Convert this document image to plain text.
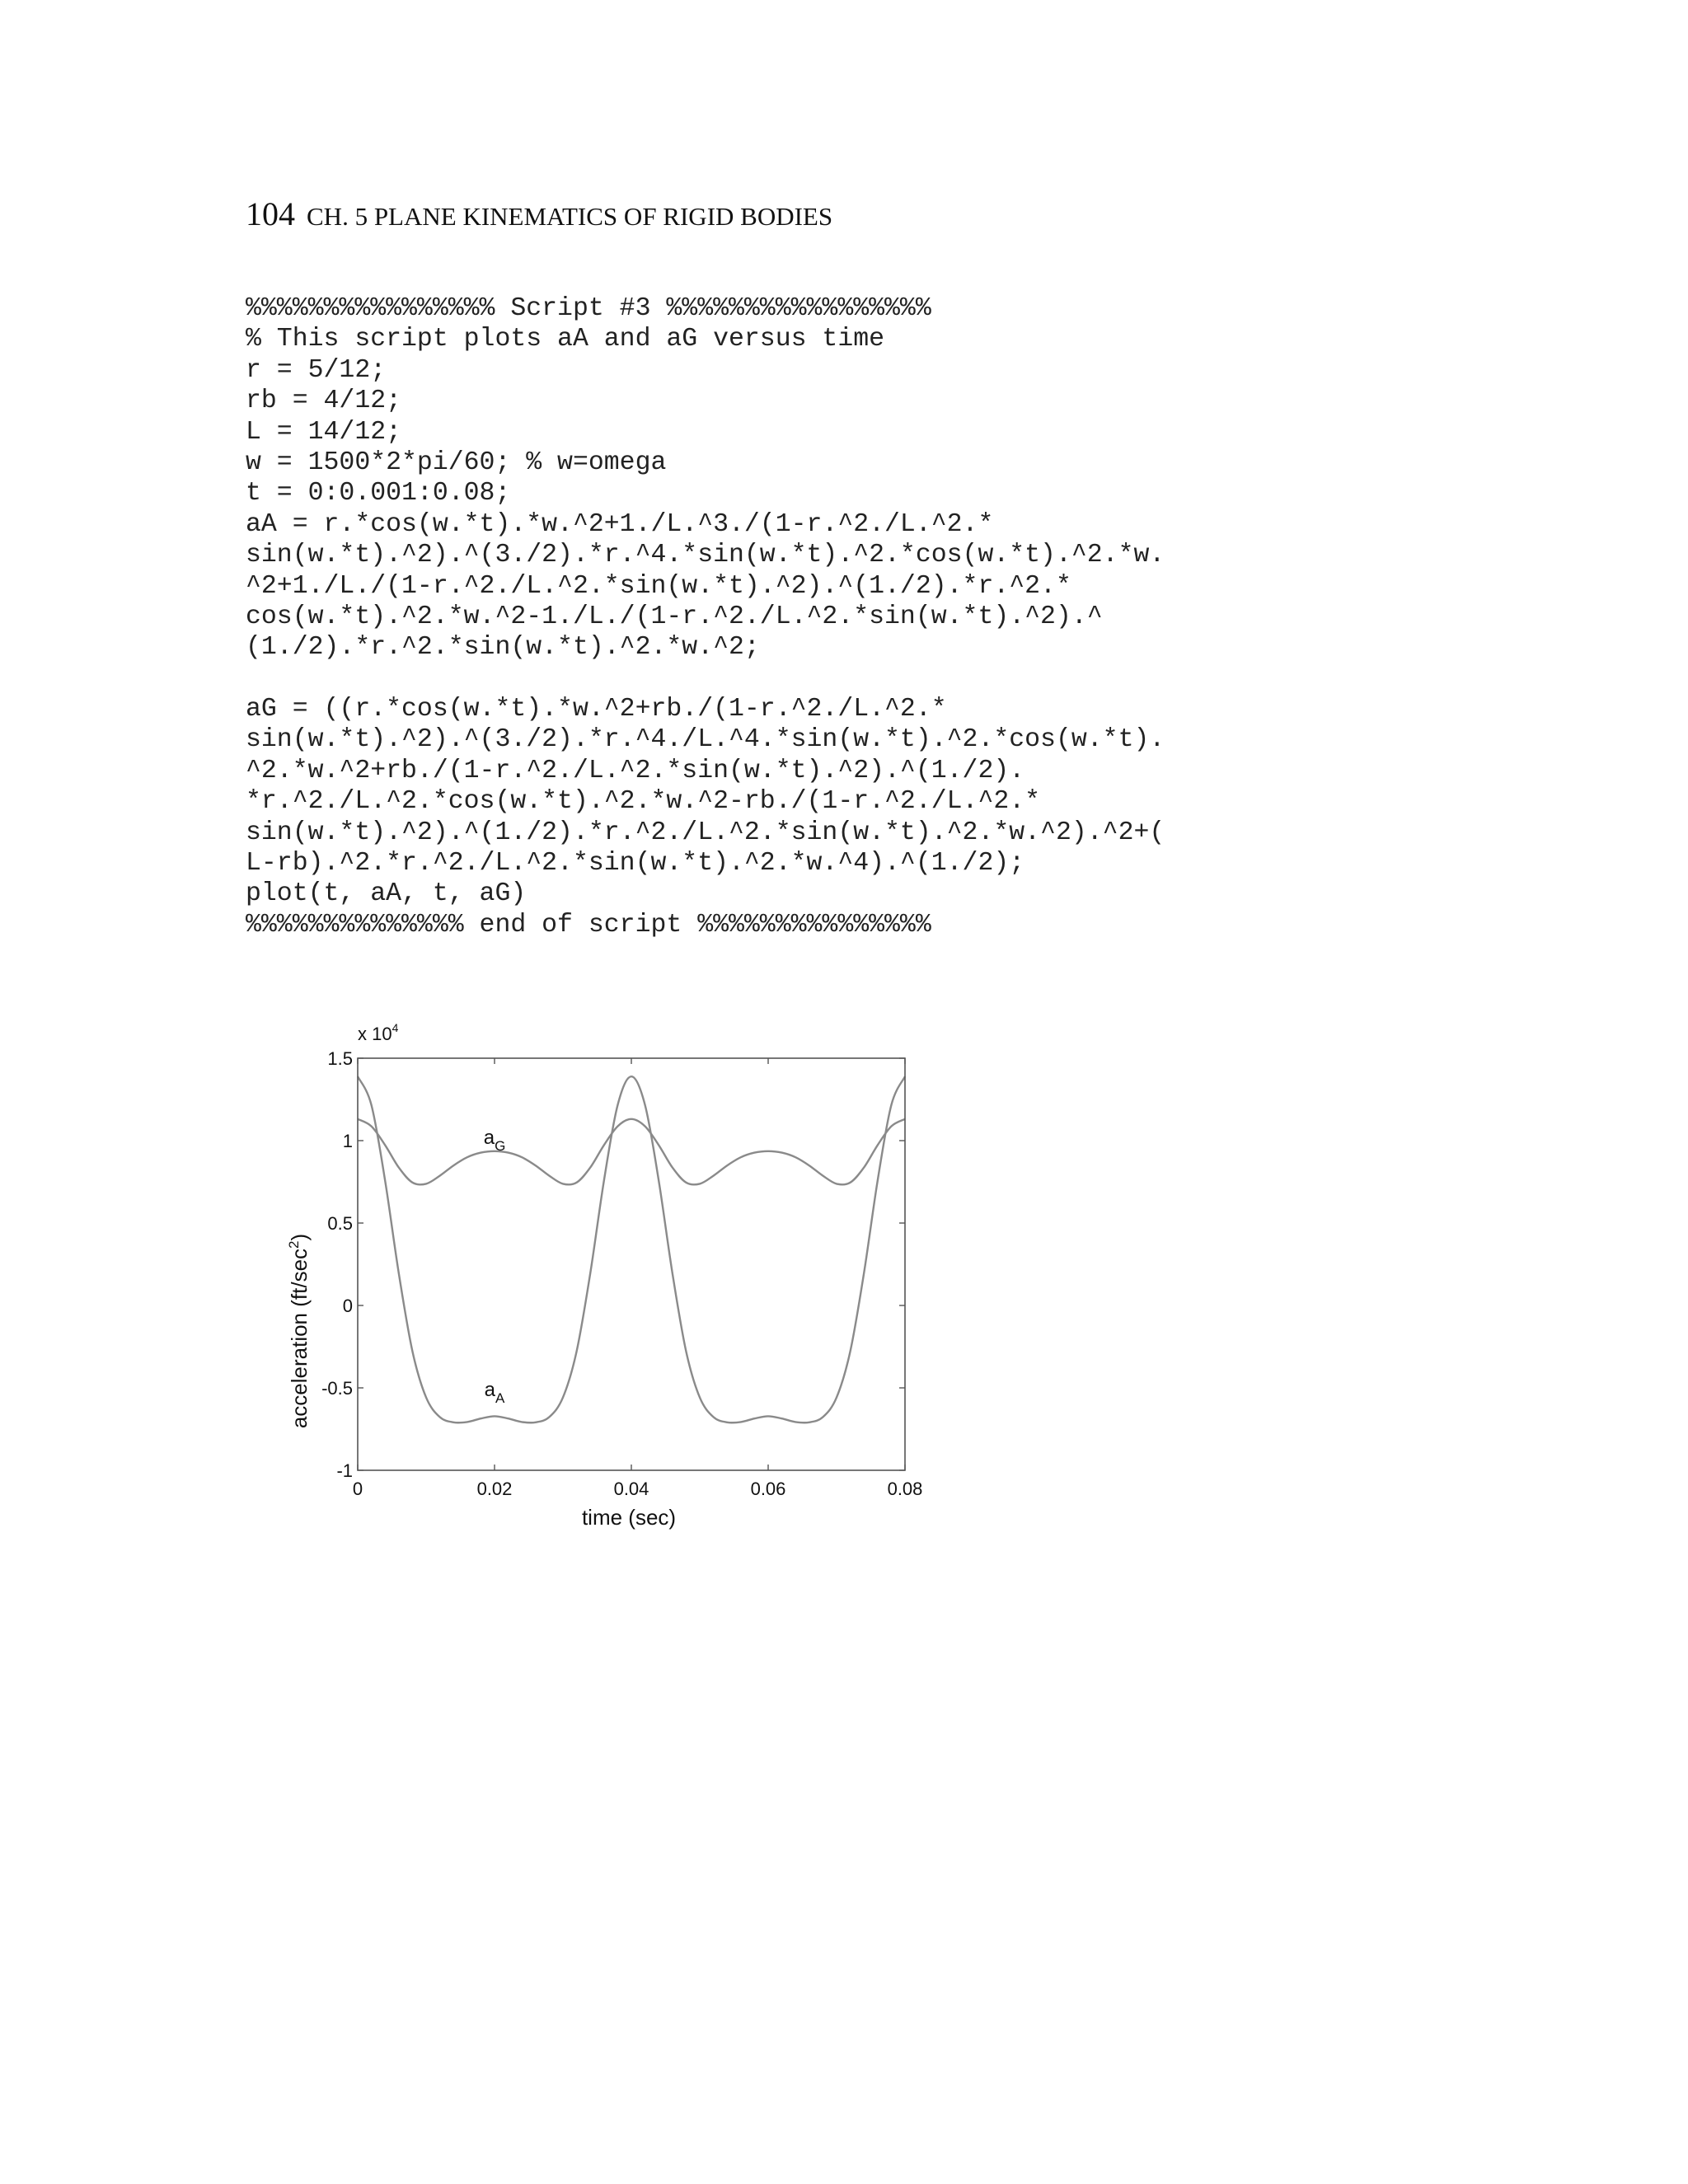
104 CH. 5 PLANE KINEMATICS OF RIGID BODIES
%%%%%%%%%%%%%%%% Script #3 %%%%%%%%%%%%%%%%%
% This script plots aA and aG versus time
r = 5/12;
rb = 4/12;
L = 14/12;
w = 1500*2*pi/60; % w=omega
t = 0:0.001:0.08;
aA = r.*cos(w.*t).*w.^2+1./L.^3./(1-r.^2./L.^2.*
sin(w.*t).^2).^(3./2).*r.^4.*sin(w.*t).^2.*cos(w.*t).^2.*w.
^2+1./L./(1-r.^2./L.^2.*sin(w.*t).^2).^(1./2).*r.^2.*
cos(w.*t).^2.*w.^2-1./L./(1-r.^2./L.^2.*sin(w.*t).^2).^
(1./2).*r.^2.*sin(w.*t).^2.*w.^2;
aG = ((r.*cos(w.*t).*w.^2+rb./(1-r.^2./L.^2.*
sin(w.*t).^2).^(3./2).*r.^4./L.^4.*sin(w.*t).^2.*cos(w.*t).
^2.*w.^2+rb./(1-r.^2./L.^2.*sin(w.*t).^2).^(1./2).
*r.^2./L.^2.*cos(w.*t).^2.*w.^2-rb./(1-r.^2./L.^2.*
sin(w.*t).^2).^(1./2).*r.^2./L.^2.*sin(w.*t).^2.*w.^2).^2+(
L-rb).^2.*r.^2./L.^2.*sin(w.*t).^2.*w.^4).^(1./2);
plot(t, aA, t, aG)
%%%%%%%%%%%%%% end of script %%%%%%%%%%%%%%%
$a_A$
$a_G$
0	0.02	0.04	0.06	0.08
1.5
1
0.5
0
-0.5
-1
x $10^4$
time (sec)
acceleration $(ft/\sec^2)$
